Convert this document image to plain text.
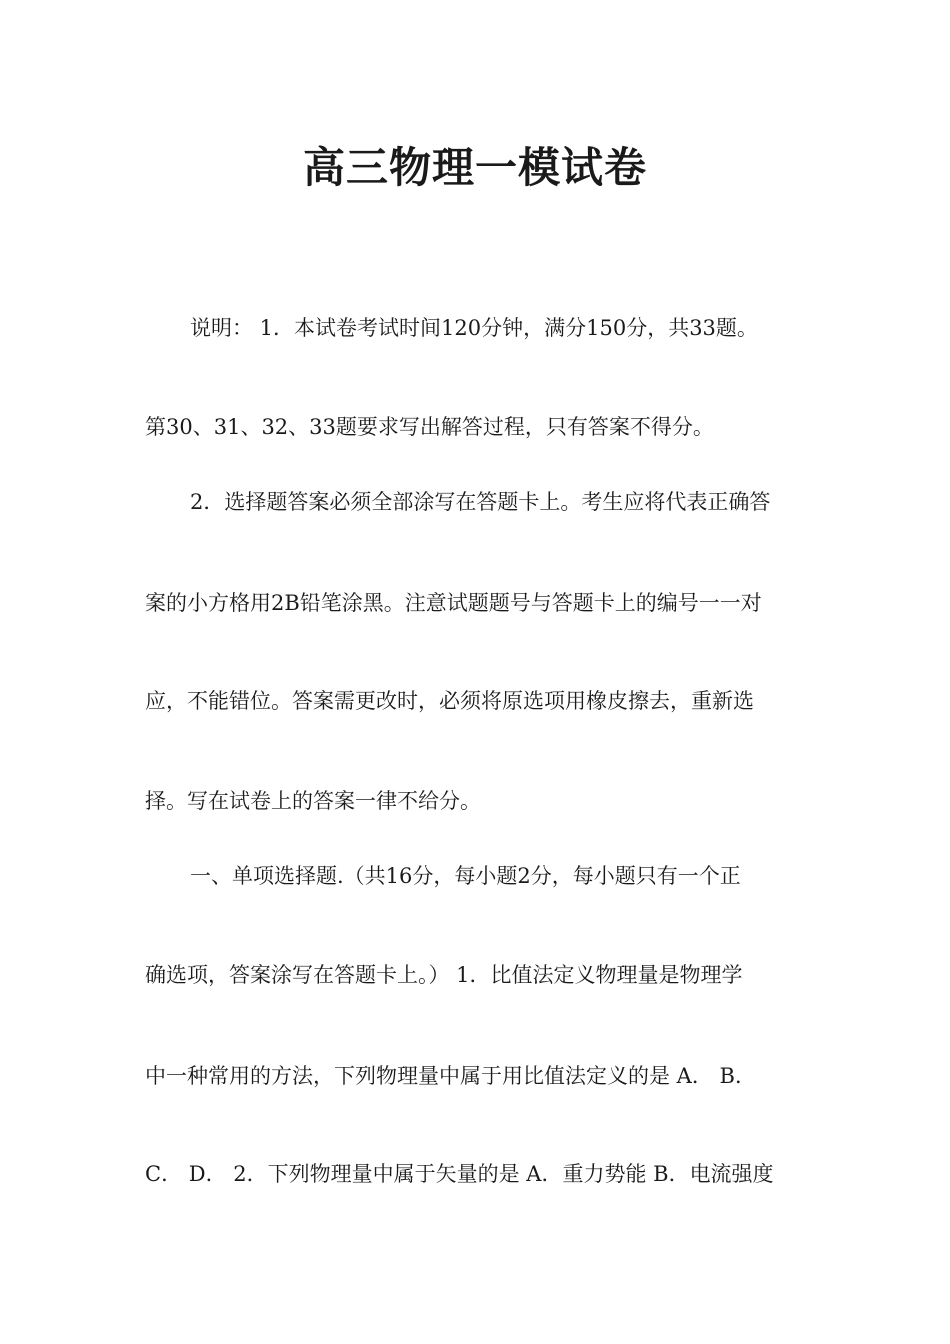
高三物理一模试卷
说明： 1．本试卷考试时间120分钟，满分150分，共33题。
第30、31、32、33题要求写出解答过程，只有答案不得分。
2．选择题答案必须全部涂写在答题卡上。考生应将代表正确答
案的小方格用2B铅笔涂黑。注意试题题号与答题卡上的编号一一对
应，不能错位。答案需更改时，必须将原选项用橡皮擦去，重新选
择。写在试卷上的答案一律不给分。
一、单项选择题.（共16分，每小题2分，每小题只有一个正
确选项，答案涂写在答题卡上。） 1．比值法定义物理量是物理学
中一种常用的方法，下列物理量中属于用比值法定义的是 A． B．
C． D． 2．下列物理量中属于矢量的是 A．重力势能 B．电流强度
